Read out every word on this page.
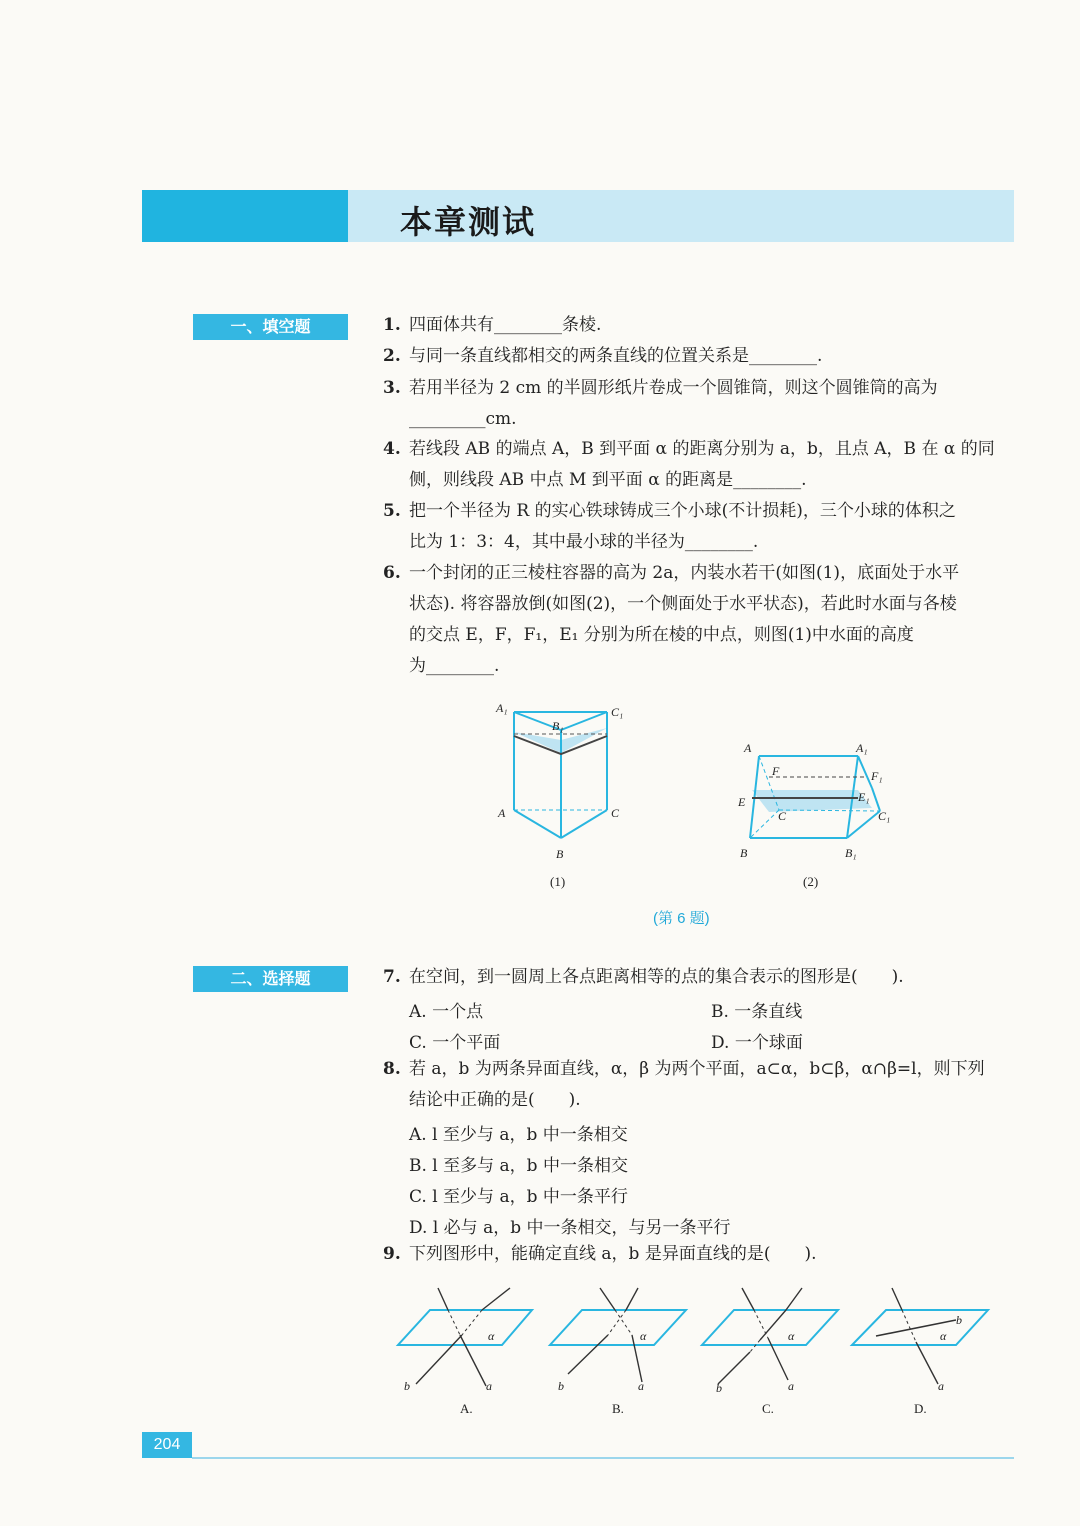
本章测试
一、填空题	1. 四面体共有________条棱.
2. 与同一条直线都相交的两条直线的位置关系是________.
3. 若用半径为 2 cm 的半圆形纸片卷成一个圆锥筒，则这个圆锥筒的高为
_________cm.
4. 若线段 AB 的端点 A，B 到平面 α 的距离分别为 a，b，且点 A，B 在 α 的同
侧，则线段 AB 中点 M 到平面 α 的距离是________.
5. 把一个半径为 R 的实心铁球铸成三个小球(不计损耗)，三个小球的体积之
比为 1：3：4，其中最小球的半径为________.
6. 一个封闭的正三棱柱容器的高为 2a，内装水若干(如图(1)，底面处于水平
状态). 将容器放倒(如图(2)，一个侧面处于水平状态)，若此时水面与各棱
的交点 E，F，F₁，E₁ 分别为所在棱的中点，则图(1)中水面的高度
为________.
A₁	C₁
B₁
A	C
B
(1)
A	A₁
F	F₁
E	E₁
C	C₁
B	B₁
(2)
(第 6 题)
二、选择题	7. 在空间，到一圆周上各点距离相等的点的集合表示的图形是(　　).
A. 一个点	B. 一条直线
C. 一个平面	D. 一个球面
8. 若 a，b 为两条异面直线，α，β 为两个平面，a⊂α，b⊂β，α∩β=l，则下列
结论中正确的是(　　).
A. l 至少与 a，b 中一条相交
B. l 至多与 a，b 中一条相交
C. l 至少与 a，b 中一条平行
D. l 必与 a，b 中一条相交，与另一条平行
9. 下列图形中，能确定直线 a，b 是异面直线的是(　　).
α
b	a
A.
α
b	a
B.
α
b	a
C.
b
α
a
D.
204
